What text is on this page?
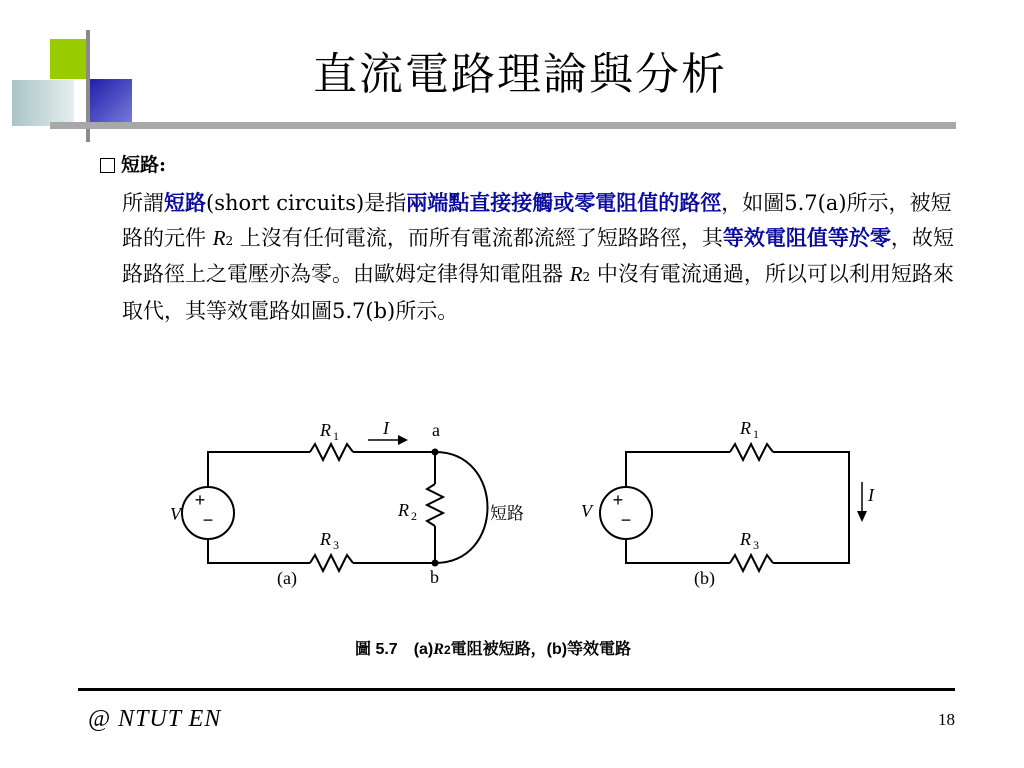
直流電路理論與分析
短路:
所謂短路(short circuits)是指兩端點直接接觸或零電阻值的路徑，如圖5.7(a)所示，被短路的元件 R2 上沒有任何電流，而所有電流都流經了短路路徑，其等效電阻值等於零，故短路路徑上之電壓亦為零。由歐姆定律得知電阻器 R2 中沒有電流通過，所以可以利用短路來取代，其等效電路如圖5.7(b)所示。
+
−
V
R 1 I a
R 2	短路
R 3
b
(a)
+
−
V
R 1
I
R 3
(b)
圖 5.7 (a)R2電阻被短路，(b)等效電路
@ NTUT EN	18
